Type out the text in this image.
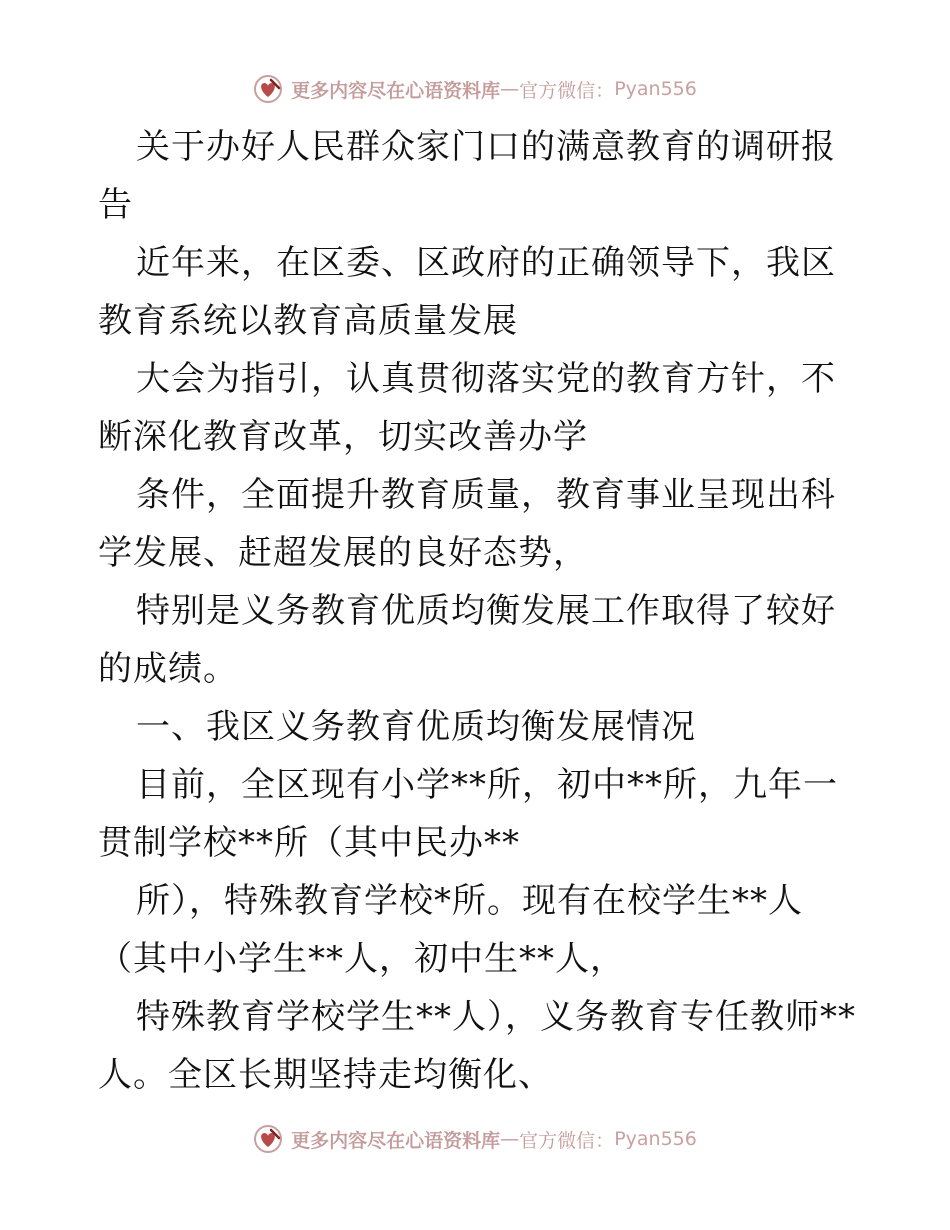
更多内容尽在心语资料库 — 官方微信： Pyan556

关于办好人民群众家门口的满意教育的调研报告

近年来，在区委、区政府的正确领导下，我区教育系统以教育高质量发展

大会为指引，认真贯彻落实党的教育方针，不断深化教育改革，切实改善办学

条件，全面提升教育质量，教育事业呈现出科学发展、赶超发展的良好态势，

特别是义务教育优质均衡发展工作取得了较好的成绩。

一、我区义务教育优质均衡发展情况

目前，全区现有小学**所，初中**所，九年一贯制学校**所（其中民办**

所），特殊教育学校*所。现有在校学生**人（其中小学生**人，初中生**人，

特殊教育学校学生**人），义务教育专任教师**人。全区长期坚持走均衡化、

更多内容尽在心语资料库 — 官方微信： Pyan556
